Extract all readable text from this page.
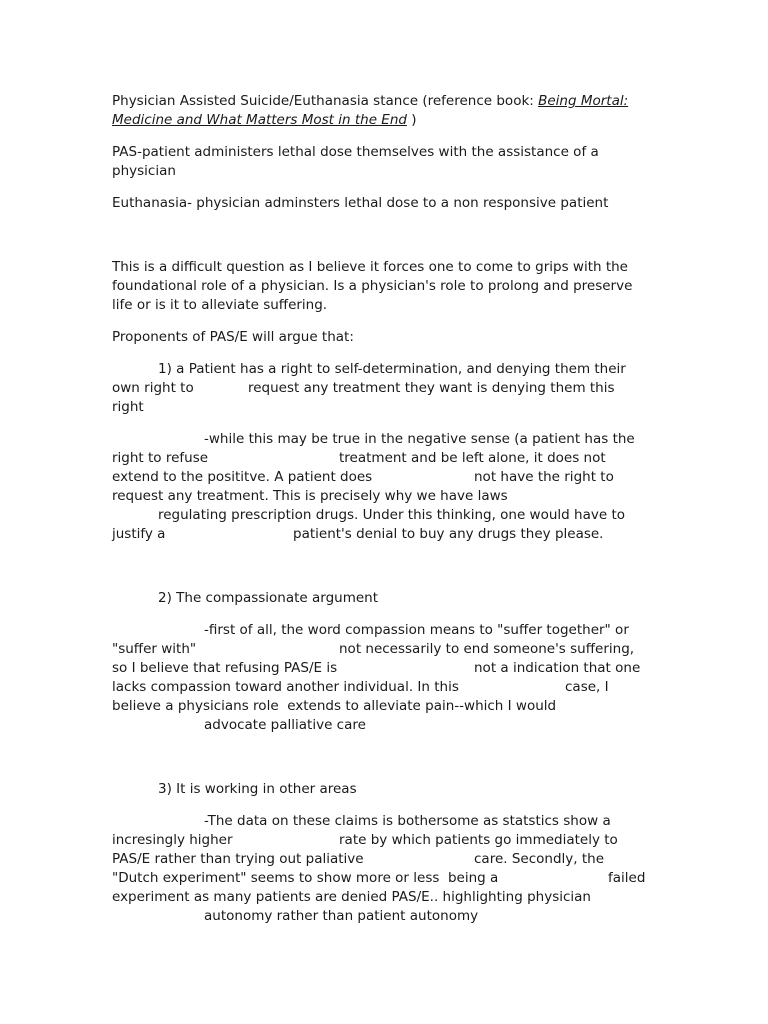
Physician Assisted Suicide/Euthanasia stance (reference book: Being Mortal:
Medicine and What Matters Most in the End )
PAS-patient administers lethal dose themselves with the assistance of a
physician
Euthanasia- physician adminsters lethal dose to a non responsive patient
This is a difficult question as I believe it forces one to come to grips with the
foundational role of a physician. Is a physician's role to prolong and preserve
life or is it to alleviate suffering.
Proponents of PAS/E will argue that:
1) a Patient has a right to self-determination, and denying them their
own right to	request any treatment they want is denying them this
right
-while this may be true in the negative sense (a patient has the
right to refuse	treatment and be left alone, it does not
extend to the posititve. A patient does	not have the right to
request any treatment. This is precisely why we have laws
regulating prescription drugs. Under this thinking, one would have to
justify a	patient's denial to buy any drugs they please.
2) The compassionate argument
-first of all, the word compassion means to "suffer together" or
"suffer with"	not necessarily to end someone's suffering,
so I believe that refusing PAS/E is	not a indication that one
lacks compassion toward another individual. In this	case, I
believe a physicians role  extends to alleviate pain--which I would
advocate palliative care
3) It is working in other areas
-The data on these claims is bothersome as statstics show a
incresingly higher	rate by which patients go immediately to
PAS/E rather than trying out paliative	care. Secondly, the
"Dutch experiment" seems to show more or less  being a	failed
experiment as many patients are denied PAS/E.. highlighting physician
autonomy rather than patient autonomy
